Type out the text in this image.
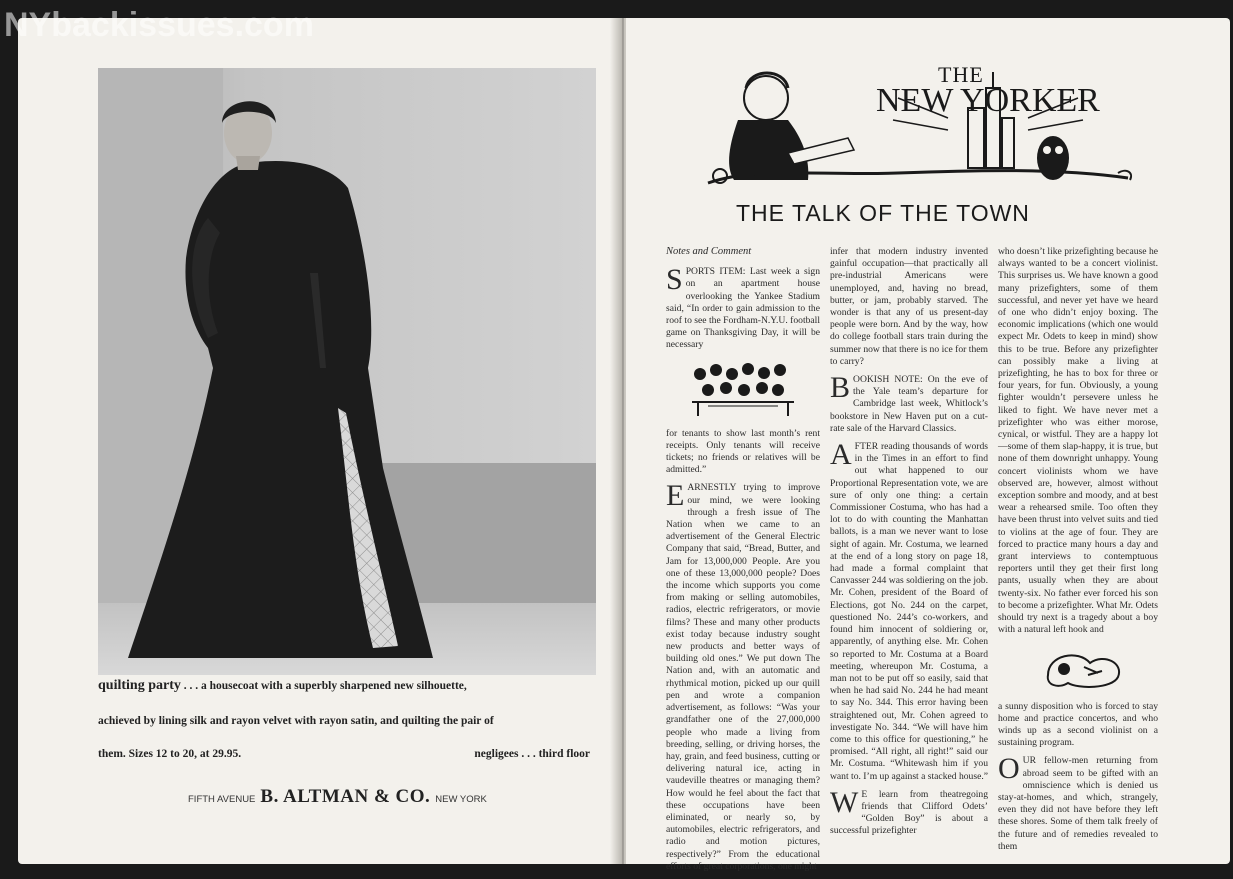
NYbackissues.com
quilting party . . . a housecoat with a superbly sharpened new silhouette,
achieved by lining silk and rayon velvet with rayon satin, and quilting the pair of
them. Sizes 12 to 20, at 29.95.	negligees . . . third floor
FIFTH AVENUE B. ALTMAN & CO. NEW YORK
THE
NEW YORKER
THE TALK OF THE TOWN

Notes and Comment

SPORTS ITEM: Last week a sign on an apartment house overlooking the Yankee Stadium said, “In order to gain admission to the roof to see the Fordham-N.Y.U. football game on Thanksgiving Day, it will be necessary

for tenants to show last month’s rent receipts. Only tenants will receive tickets; no friends or relatives will be admitted.”

EARNESTLY trying to improve our mind, we were looking through a fresh issue of The Nation when we came to an advertisement of the General Electric Company that said, “Bread, Butter, and Jam for 13,000,000 People. Are you one of these 13,000,000 people? Does the income which supports you come from making or selling automobiles, radios, electric refrigerators, or movie films? These and many other products exist today because industry sought new products and better ways of building old ones.” We put down The Nation and, with an automatic and rhythmical motion, picked up our quill pen and wrote a companion advertisement, as follows: “Was your grandfather one of the 27,000,000 people who made a living from breeding, selling, or driving horses, the hay, grain, and feed business, cutting or delivering natural ice, acting in vaudeville theatres or managing them? How would he feel about the fact that these occupations have been eliminated, or nearly so, by automobiles, electric refrigerators, and radio and motion pictures, respectively?” From the educational efforts of great corporations, one might

infer that modern industry invented gainful occupation—that practically all pre-industrial Americans were unemployed, and, having no bread, butter, or jam, probably starved. The wonder is that any of us present-day people were born. And by the way, how do college football stars train during the summer now that there is no ice for them to carry?

BOOKISH NOTE: On the eve of the Yale team’s departure for Cambridge last week, Whitlock’s bookstore in New Haven put on a cut-rate sale of the Harvard Classics.

AFTER reading thousands of words in the Times in an effort to find out what happened to our Proportional Representation vote, we are sure of only one thing: a certain Commissioner Costuma, who has had a lot to do with counting the Manhattan ballots, is a man we never want to lose sight of again. Mr. Costuma, we learned at the end of a long story on page 18, had made a formal complaint that Canvasser 244 was soldiering on the job. Mr. Cohen, president of the Board of Elections, got No. 244 on the carpet, questioned No. 244’s co-workers, and found him innocent of soldiering or, apparently, of anything else. Mr. Cohen so reported to Mr. Costuma at a Board meeting, whereupon Mr. Costuma, a man not to be put off so easily, said that when he had said No. 244 he had meant to say No. 344. This error having been straightened out, Mr. Cohen agreed to investigate No. 344. “We will have him come to this office for questioning,” he promised. “All right, all right!” said our Mr. Costuma. “Whitewash him if you want to. I’m up against a stacked house.”

W E learn from theatregoing friends that Clifford Odets’ “Golden Boy” is about a successful prizefighter

who doesn’t like prizefighting because he always wanted to be a concert violinist. This surprises us. We have known a good many prizefighters, some of them successful, and never yet have we heard of one who didn’t enjoy boxing. The economic implications (which one would expect Mr. Odets to keep in mind) show this to be true. Before any prizefighter can possibly make a living at prizefighting, he has to box for three or four years, for fun. Obviously, a young fighter wouldn’t persevere unless he liked to fight. We have never met a prizefighter who was either morose, cynical, or wistful. They are a happy lot—some of them slap-happy, it is true, but none of them downright unhappy. Young concert violinists whom we have observed are, however, almost without exception sombre and moody, and at best wear a rehearsed smile. Too often they have been thrust into velvet suits and tied to violins at the age of four. They are forced to practice many hours a day and grant interviews to contemptuous reporters until they get their first long pants, usually when they are about twenty-six. No father ever forced his son to become a prizefighter. What Mr. Odets should try next is a tragedy about a boy with a natural left hook and

a sunny disposition who is forced to stay home and practice concertos, and who winds up as a second violinist on a sustaining program.

OUR fellow-men returning from abroad seem to be gifted with an omniscience which is denied us stay-at-homes, and which, strangely, even they did not have before they left these shores. Some of them talk freely of the future and of remedies revealed to them
